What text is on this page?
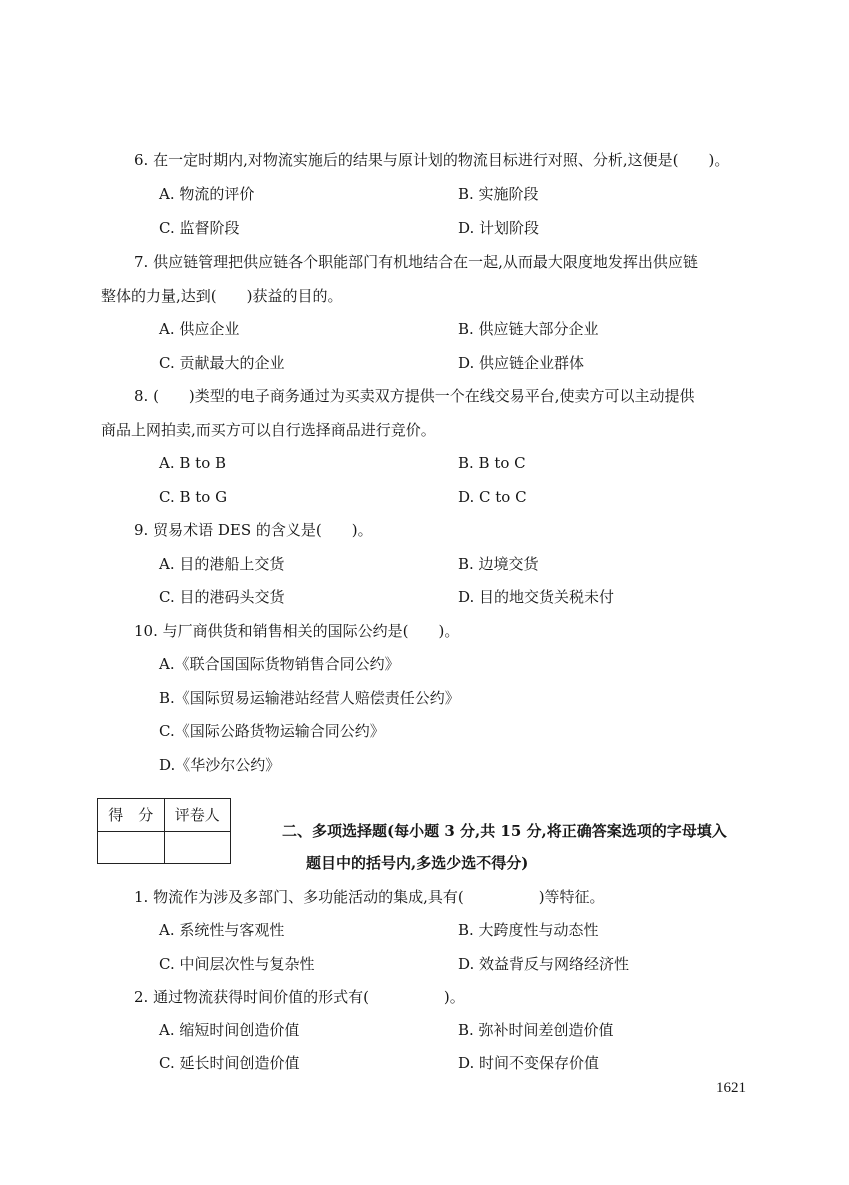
6. 在一定时期内,对物流实施后的结果与原计划的物流目标进行对照、分析,这便是(　　)。
A. 物流的评价	B. 实施阶段
C. 监督阶段	D. 计划阶段
7. 供应链管理把供应链各个职能部门有机地结合在一起,从而最大限度地发挥出供应链
整体的力量,达到(　　)获益的目的。
A. 供应企业	B. 供应链大部分企业
C. 贡献最大的企业	D. 供应链企业群体
8. (　　)类型的电子商务通过为买卖双方提供一个在线交易平台,使卖方可以主动提供
商品上网拍卖,而买方可以自行选择商品进行竞价。
A. B to B	B. B to C
C. B to G	D. C to C
9. 贸易术语 DES 的含义是(　　)。
A. 目的港船上交货	B. 边境交货
C. 目的港码头交货	D. 目的地交货关税未付
10. 与厂商供货和销售相关的国际公约是(　　)。
A.《联合国国际货物销售合同公约》
B.《国际贸易运输港站经营人赔偿责任公约》
C.《国际公路货物运输合同公约》
D.《华沙尔公约》
得　分	评卷人

二、多项选择题(每小题 3 分,共 15 分,将正确答案选项的字母填入
题目中的括号内,多选少选不得分)
1. 物流作为涉及多部门、多功能活动的集成,具有(　　　　　)等特征。
A. 系统性与客观性	B. 大跨度性与动态性
C. 中间层次性与复杂性	D. 效益背反与网络经济性
2. 通过物流获得时间价值的形式有(　　　　　)。
A. 缩短时间创造价值	B. 弥补时间差创造价值
C. 延长时间创造价值	D. 时间不变保存价值
1621
